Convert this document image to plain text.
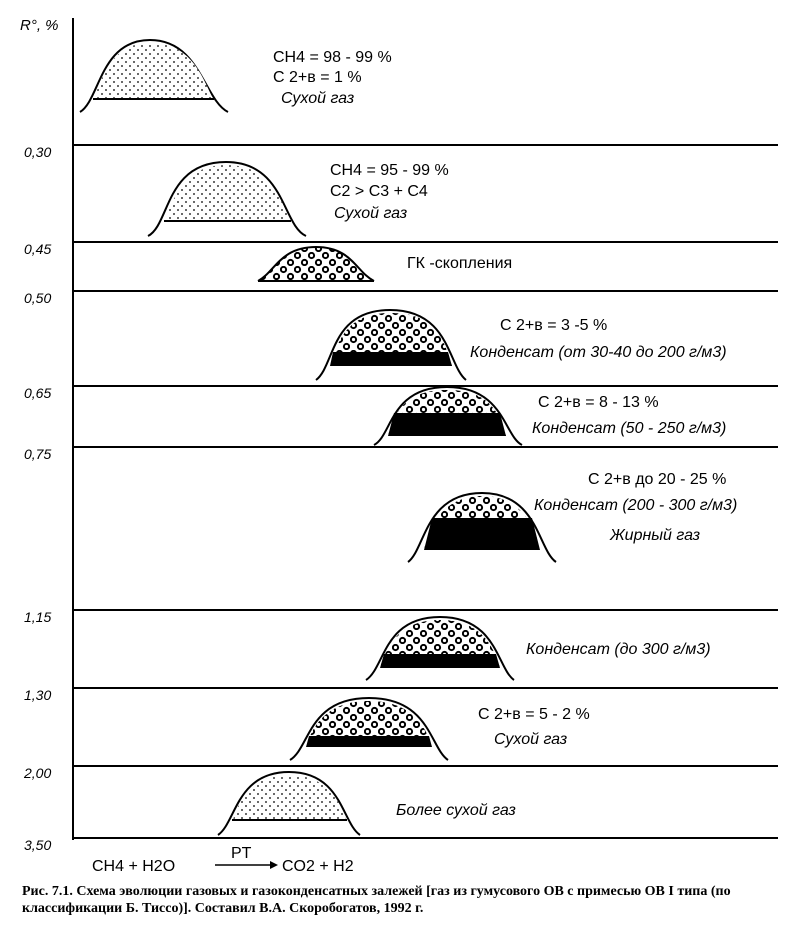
R°, %
0,30
0,45
0,50
0,65
0,75
1,15
1,30
2,00
3,50
CH4 = 98 - 99 %
C 2+в = 1 %
Сухой газ
CH4 = 95 - 99 %
C2 > C3 + C4
Сухой газ
ГК -скопления
C 2+в = 3 -5 %
Конденсат (от 30-40 до 200 г/м3)
C 2+в = 8 - 13 %
Конденсат (50 - 250 г/м3)
C 2+в до 20 - 25 %
Конденсат (200 - 300 г/м3)
Жирный газ
Конденсат (до 300 г/м3)
C 2+в = 5 - 2 %
Сухой газ
Более сухой газ
CH4 + H2O
PT
CO2 + H2
Рис. 7.1. Схема эволюции газовых и газоконденсатных залежей [газ из гумусового ОВ с примесью ОВ I типа (по классификации Б. Тиссо)]. Составил В.А. Скоробогатов, 1992 г.
